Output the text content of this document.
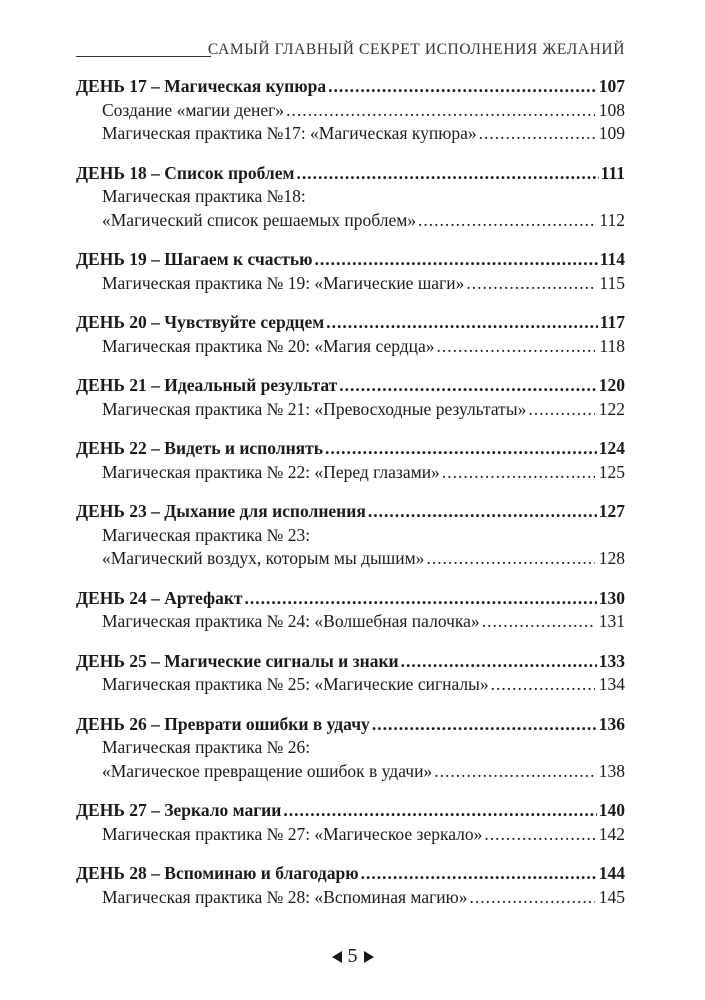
САМЫЙ ГЛАВНЫЙ СЕКРЕТ ИСПОЛНЕНИЯ ЖЕЛАНИЙ
ДЕНЬ 17 – Магическая купюра .....	107
Создание «магии денег» .....	108
Магическая практика №17: «Магическая купюра» .....	109
ДЕНЬ 18 – Список проблем .....	111
Магическая практика №18:
«Магический список решаемых проблем» .....	112
ДЕНЬ 19 – Шагаем к счастью .....	114
Магическая практика № 19: «Магические шаги» .....	115
ДЕНЬ 20 – Чувствуйте сердцем .....	117
Магическая практика № 20: «Магия сердца» .....	118
ДЕНЬ 21 – Идеальный результат .....	120
Магическая практика № 21: «Превосходные результаты» .....	122
ДЕНЬ 22 – Видеть и исполнять .....	124
Магическая практика № 22: «Перед глазами» .....	125
ДЕНЬ 23 – Дыхание для исполнения .....	127
Магическая практика № 23:
«Магический воздух, которым мы дышим» .....	128
ДЕНЬ 24 – Артефакт .....	130
Магическая практика № 24: «Волшебная палочка» .....	131
ДЕНЬ 25 – Магические сигналы и знаки .....	133
Магическая практика № 25: «Магические сигналы» .....	134
ДЕНЬ 26 – Преврати ошибки в удачу .....	136
Магическая практика № 26:
«Магическое превращение ошибок в удачи» .....	138
ДЕНЬ 27 – Зеркало магии .....	140
Магическая практика № 27: «Магическое зеркало» .....	142
ДЕНЬ 28 – Вспоминаю и благодарю .....	144
Магическая практика № 28: «Вспоминая магию» .....	145
5
